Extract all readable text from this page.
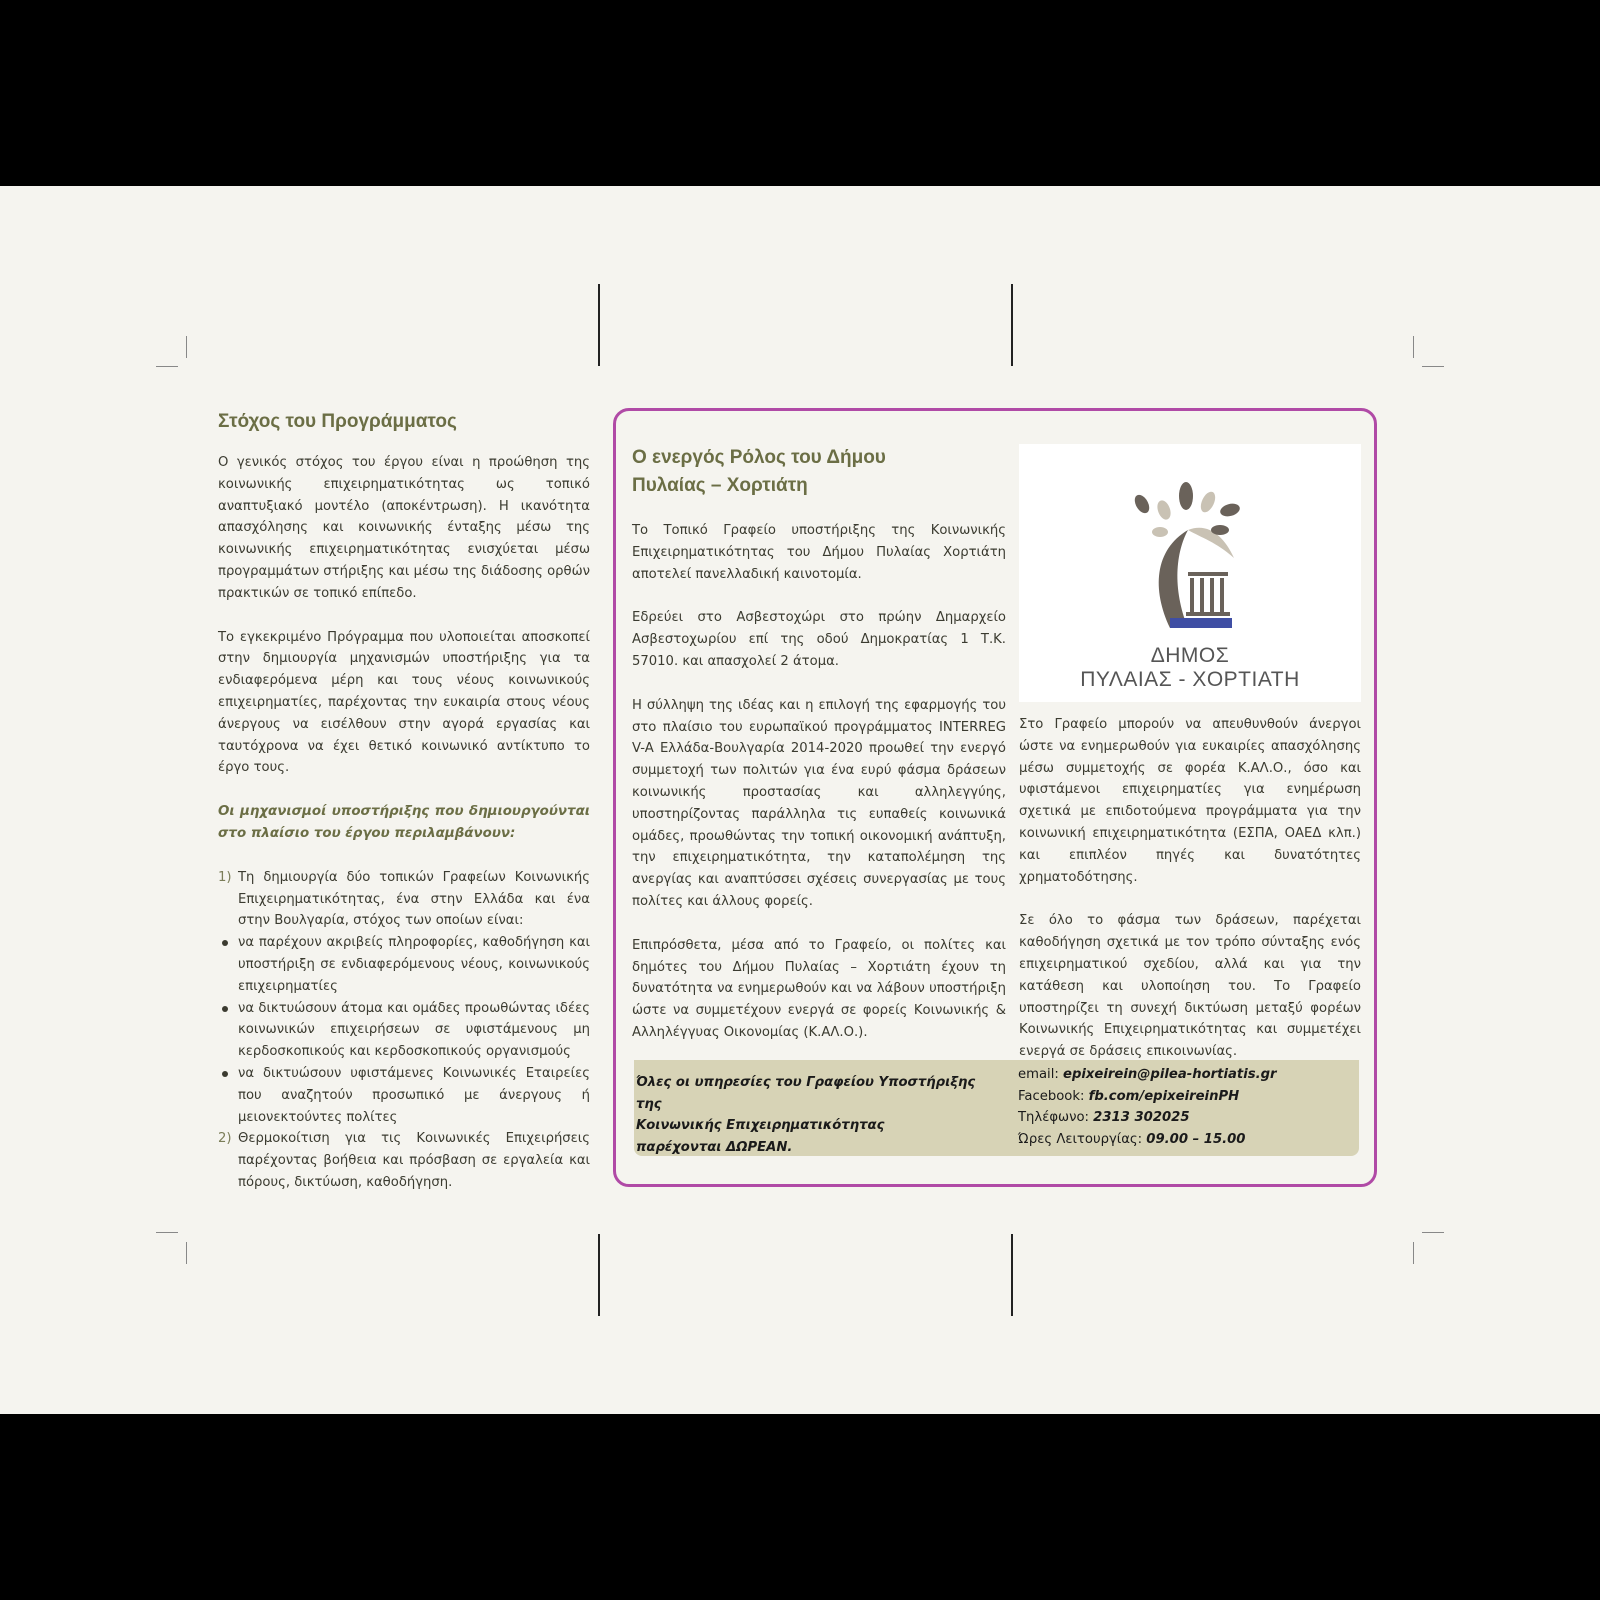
Στόχος του Προγράμματος

Ο γενικός στόχος του έργου είναι η προώθηση της κοινωνικής επιχειρηματικότητας ως τοπικό αναπτυξιακό μοντέλο (αποκέντρωση). Η ικανότητα απασχόλησης και κοινωνικής ένταξης μέσω της κοινωνικής επιχειρηματικότητας ενισχύεται μέσω προγραμμάτων στήριξης και μέσω της διάδοσης ορθών πρακτικών σε τοπικό επίπεδο.

Το εγκεκριμένο Πρόγραμμα που υλοποιείται αποσκοπεί στην δημιουργία μηχανισμών υποστήριξης για τα ενδιαφερόμενα μέρη και τους νέους κοινωνικούς επιχειρηματίες, παρέχοντας την ευκαιρία στους νέους άνεργους να εισέλθουν στην αγορά εργασίας και ταυτόχρονα να έχει θετικό κοινωνικό αντίκτυπο το έργο τους.

Οι μηχανισμοί υποστήριξης που δημιουργούνται στο πλαίσιο του έργου περιλαμβάνουν:

1) Τη δημιουργία δύο τοπικών Γραφείων Κοινωνικής Επιχειρηματικότητας, ένα στην Ελλάδα και ένα στην Βουλγαρία, στόχος των οποίων είναι:
να παρέχουν ακριβείς πληροφορίες, καθοδήγηση και υποστήριξη σε ενδιαφερόμενους νέους, κοινωνικούς επιχειρηματίες
να δικτυώσουν άτομα και ομάδες προωθώντας ιδέες κοινωνικών επιχειρήσεων σε υφιστάμενους μη κερδοσκοπικούς και κερδοσκοπικούς οργανισμούς
να δικτυώσουν υφιστάμενες Κοινωνικές Εταιρείες που αναζητούν προσωπικό με άνεργους ή μειονεκτούντες πολίτες
2) Θερμοκοίτιση για τις Κοινωνικές Επιχειρήσεις παρέχοντας βοήθεια και πρόσβαση σε εργαλεία και πόρους, δικτύωση, καθοδήγηση.
Ο ενεργός Ρόλος του Δήμου
Πυλαίας – Χορτιάτη

Το Τοπικό Γραφείο υποστήριξης της Κοινωνικής Επιχειρηματικότητας του Δήμου Πυλαίας Χορτιάτη αποτελεί πανελλαδική καινοτομία.

Εδρεύει στο Ασβεστοχώρι στο πρώην Δημαρχείο Ασβεστοχωρίου επί της οδού Δημοκρατίας 1 Τ.Κ. 57010. και απασχολεί 2 άτομα.

Η σύλληψη της ιδέας και η επιλογή της εφαρμογής του στο πλαίσιο του ευρωπαϊκού προγράμματος INTERREG V-A Ελλάδα-Βουλγαρία 2014-2020 προωθεί την ενεργό συμμετοχή των πολιτών για ένα ευρύ φάσμα δράσεων κοινωνικής προστασίας και αλληλεγγύης, υποστηρίζοντας παράλληλα τις ευπαθείς κοινωνικά ομάδες, προωθώντας την τοπική οικονομική ανάπτυξη, την επιχειρηματικότητα, την καταπολέμηση της ανεργίας και αναπτύσσει σχέσεις συνεργασίας με τους πολίτες και άλλους φορείς.

Επιπρόσθετα, μέσα από το Γραφείο, οι πολίτες και δημότες του Δήμου Πυλαίας – Χορτιάτη έχουν τη δυνατότητα να ενημερωθούν και να λάβουν υποστήριξη ώστε να συμμετέχουν ενεργά σε φορείς Κοινωνικής & Αλληλέγγυας Οικονομίας (Κ.ΑΛ.Ο.).

ΔΗΜΟΣ
ΠΥΛΑΙΑΣ - ΧΟΡΤΙΑΤΗ

Στο Γραφείο μπορούν να απευθυνθούν άνεργοι ώστε να ενημερωθούν για ευκαιρίες απασχόλησης μέσω συμμετοχής σε φορέα Κ.ΑΛ.Ο., όσο και υφιστάμενοι επιχειρηματίες για ενημέρωση σχετικά με επιδοτούμενα προγράμματα για την κοινωνική επιχειρηματικότητα (ΕΣΠΑ, ΟΑΕΔ κλπ.) και επιπλέον πηγές και δυνατότητες χρηματοδότησης.

Σε όλο το φάσμα των δράσεων, παρέχεται καθοδήγηση σχετικά με τον τρόπο σύνταξης ενός επιχειρηματικού σχεδίου, αλλά και για την κατάθεση και υλοποίηση του. Το Γραφείο υποστηρίζει τη συνεχή δικτύωση μεταξύ φορέων Κοινωνικής Επιχειρηματικότητας και συμμετέχει ενεργά σε δράσεις επικοινωνίας.

Όλες οι υπηρεσίες του Γραφείου Υποστήριξης της
Κοινωνικής Επιχειρηματικότητας
παρέχονται ΔΩΡΕΑΝ.
email: epixeirein@pilea-hortiatis.gr
Facebook: fb.com/epixeireinPH
Τηλέφωνο: 2313 302025
Ώρες Λειτουργίας: 09.00 – 15.00
